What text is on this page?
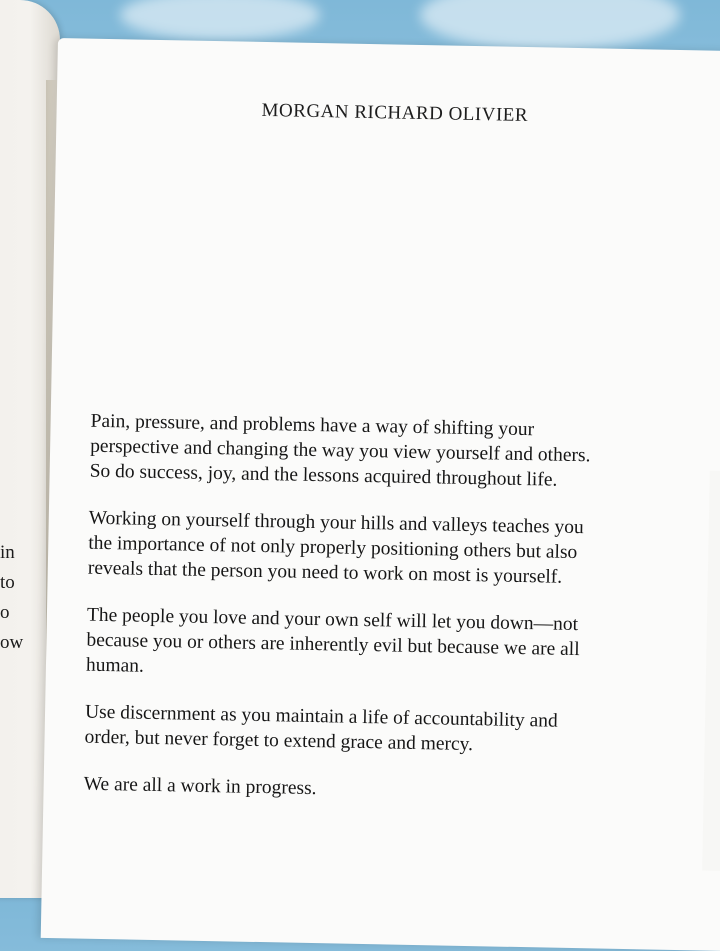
in
to
o
ow
MORGAN RICHARD OLIVIER

Pain, pressure, and problems have a way of shifting your
perspective and changing the way you view yourself and others.
So do success, joy, and the lessons acquired throughout life.

Working on yourself through your hills and valleys teaches you
the importance of not only properly positioning others but also
reveals that the person you need to work on most is yourself.

The people you love and your own self will let you down—not
because you or others are inherently evil but because we are all
human.

Use discernment as you maintain a life of accountability and
order, but never forget to extend grace and mercy.

We are all a work in progress.
